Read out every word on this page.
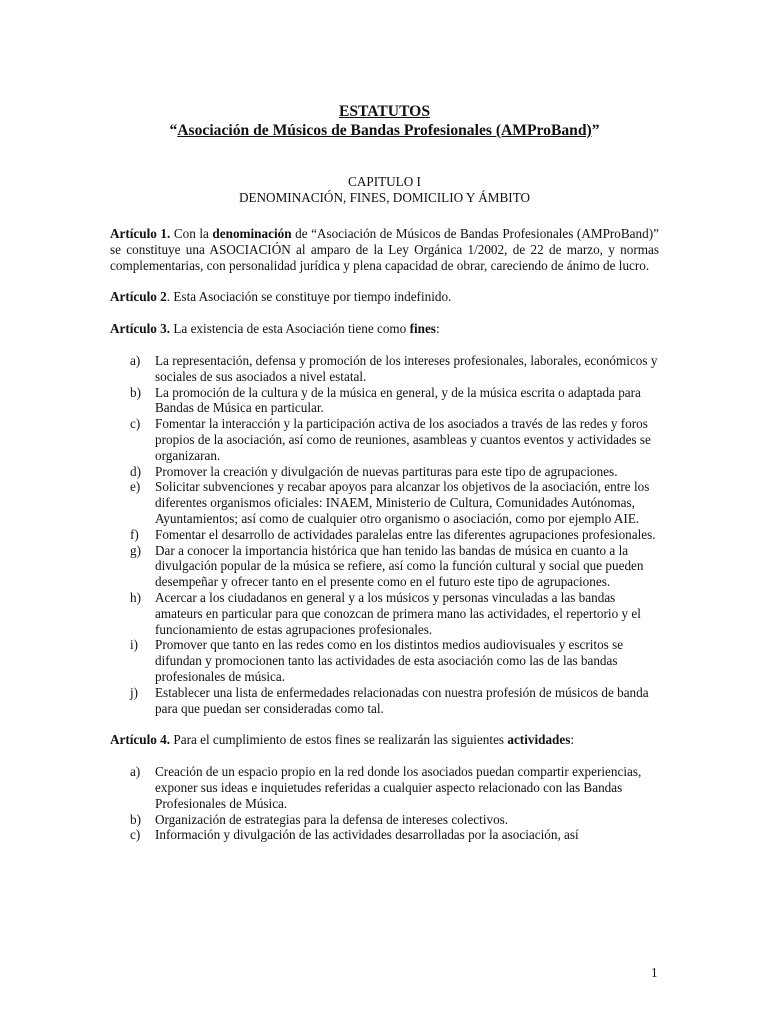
ESTATUTOS
“Asociación de Músicos de Bandas Profesionales (AMProBand)”
CAPITULO I
DENOMINACIÓN, FINES, DOMICILIO Y ÁMBITO

Artículo 1. Con la denominación de “Asociación de Músicos de Bandas Profesionales (AMProBand)” se constituye una ASOCIACIÓN al amparo de la Ley Orgánica 1/2002, de 22 de marzo, y normas complementarias, con personalidad jurídica y plena capacidad de obrar, careciendo de ánimo de lucro.

Artículo 2. Esta Asociación se constituye por tiempo indefinido.

Artículo 3. La existencia de esta Asociación tiene como fines:

a) La representación, defensa y promoción de los intereses profesionales, laborales, económicos y sociales de sus asociados a nivel estatal.
b) La promoción de la cultura y de la música en general, y de la música escrita o adaptada para Bandas de Música en particular.
c) Fomentar la interacción y la participación activa de los asociados a través de las redes y foros propios de la asociación, así como de reuniones, asambleas y cuantos eventos y actividades se organizaran.
d) Promover la creación y divulgación de nuevas partituras para este tipo de agrupaciones.
e) Solicitar subvenciones y recabar apoyos para alcanzar los objetivos de la asociación, entre los diferentes organismos oficiales: INAEM, Ministerio de Cultura, Comunidades Autónomas, Ayuntamientos; así como de cualquier otro organismo o asociación, como por ejemplo AIE.
f) Fomentar el desarrollo de actividades paralelas entre las diferentes agrupaciones profesionales.
g) Dar a conocer la importancia histórica que han tenido las bandas de música en cuanto a la divulgación popular de la música se refiere, así como la función cultural y social que pueden desempeñar y ofrecer tanto en el presente como en el futuro este tipo de agrupaciones.
h) Acercar a los ciudadanos en general y a los músicos y personas vinculadas a las bandas amateurs en particular para que conozcan de primera mano las actividades, el repertorio y el funcionamiento de estas agrupaciones profesionales.
i) Promover que tanto en las redes como en los distintos medios audiovisuales y escritos se difundan y promocionen tanto las actividades de esta asociación como las de las bandas profesionales de música.
j) Establecer una lista de enfermedades relacionadas con nuestra profesión de músicos de banda para que puedan ser consideradas como tal.

Artículo 4. Para el cumplimiento de estos fines se realizarán las siguientes actividades:

a) Creación de un espacio propio en la red donde los asociados puedan compartir experiencias, exponer sus ideas e inquietudes referidas a cualquier aspecto relacionado con las Bandas Profesionales de Música.
b) Organización de estrategias para la defensa de intereses colectivos.
c) Información y divulgación de las actividades desarrolladas por la asociación, así
1
